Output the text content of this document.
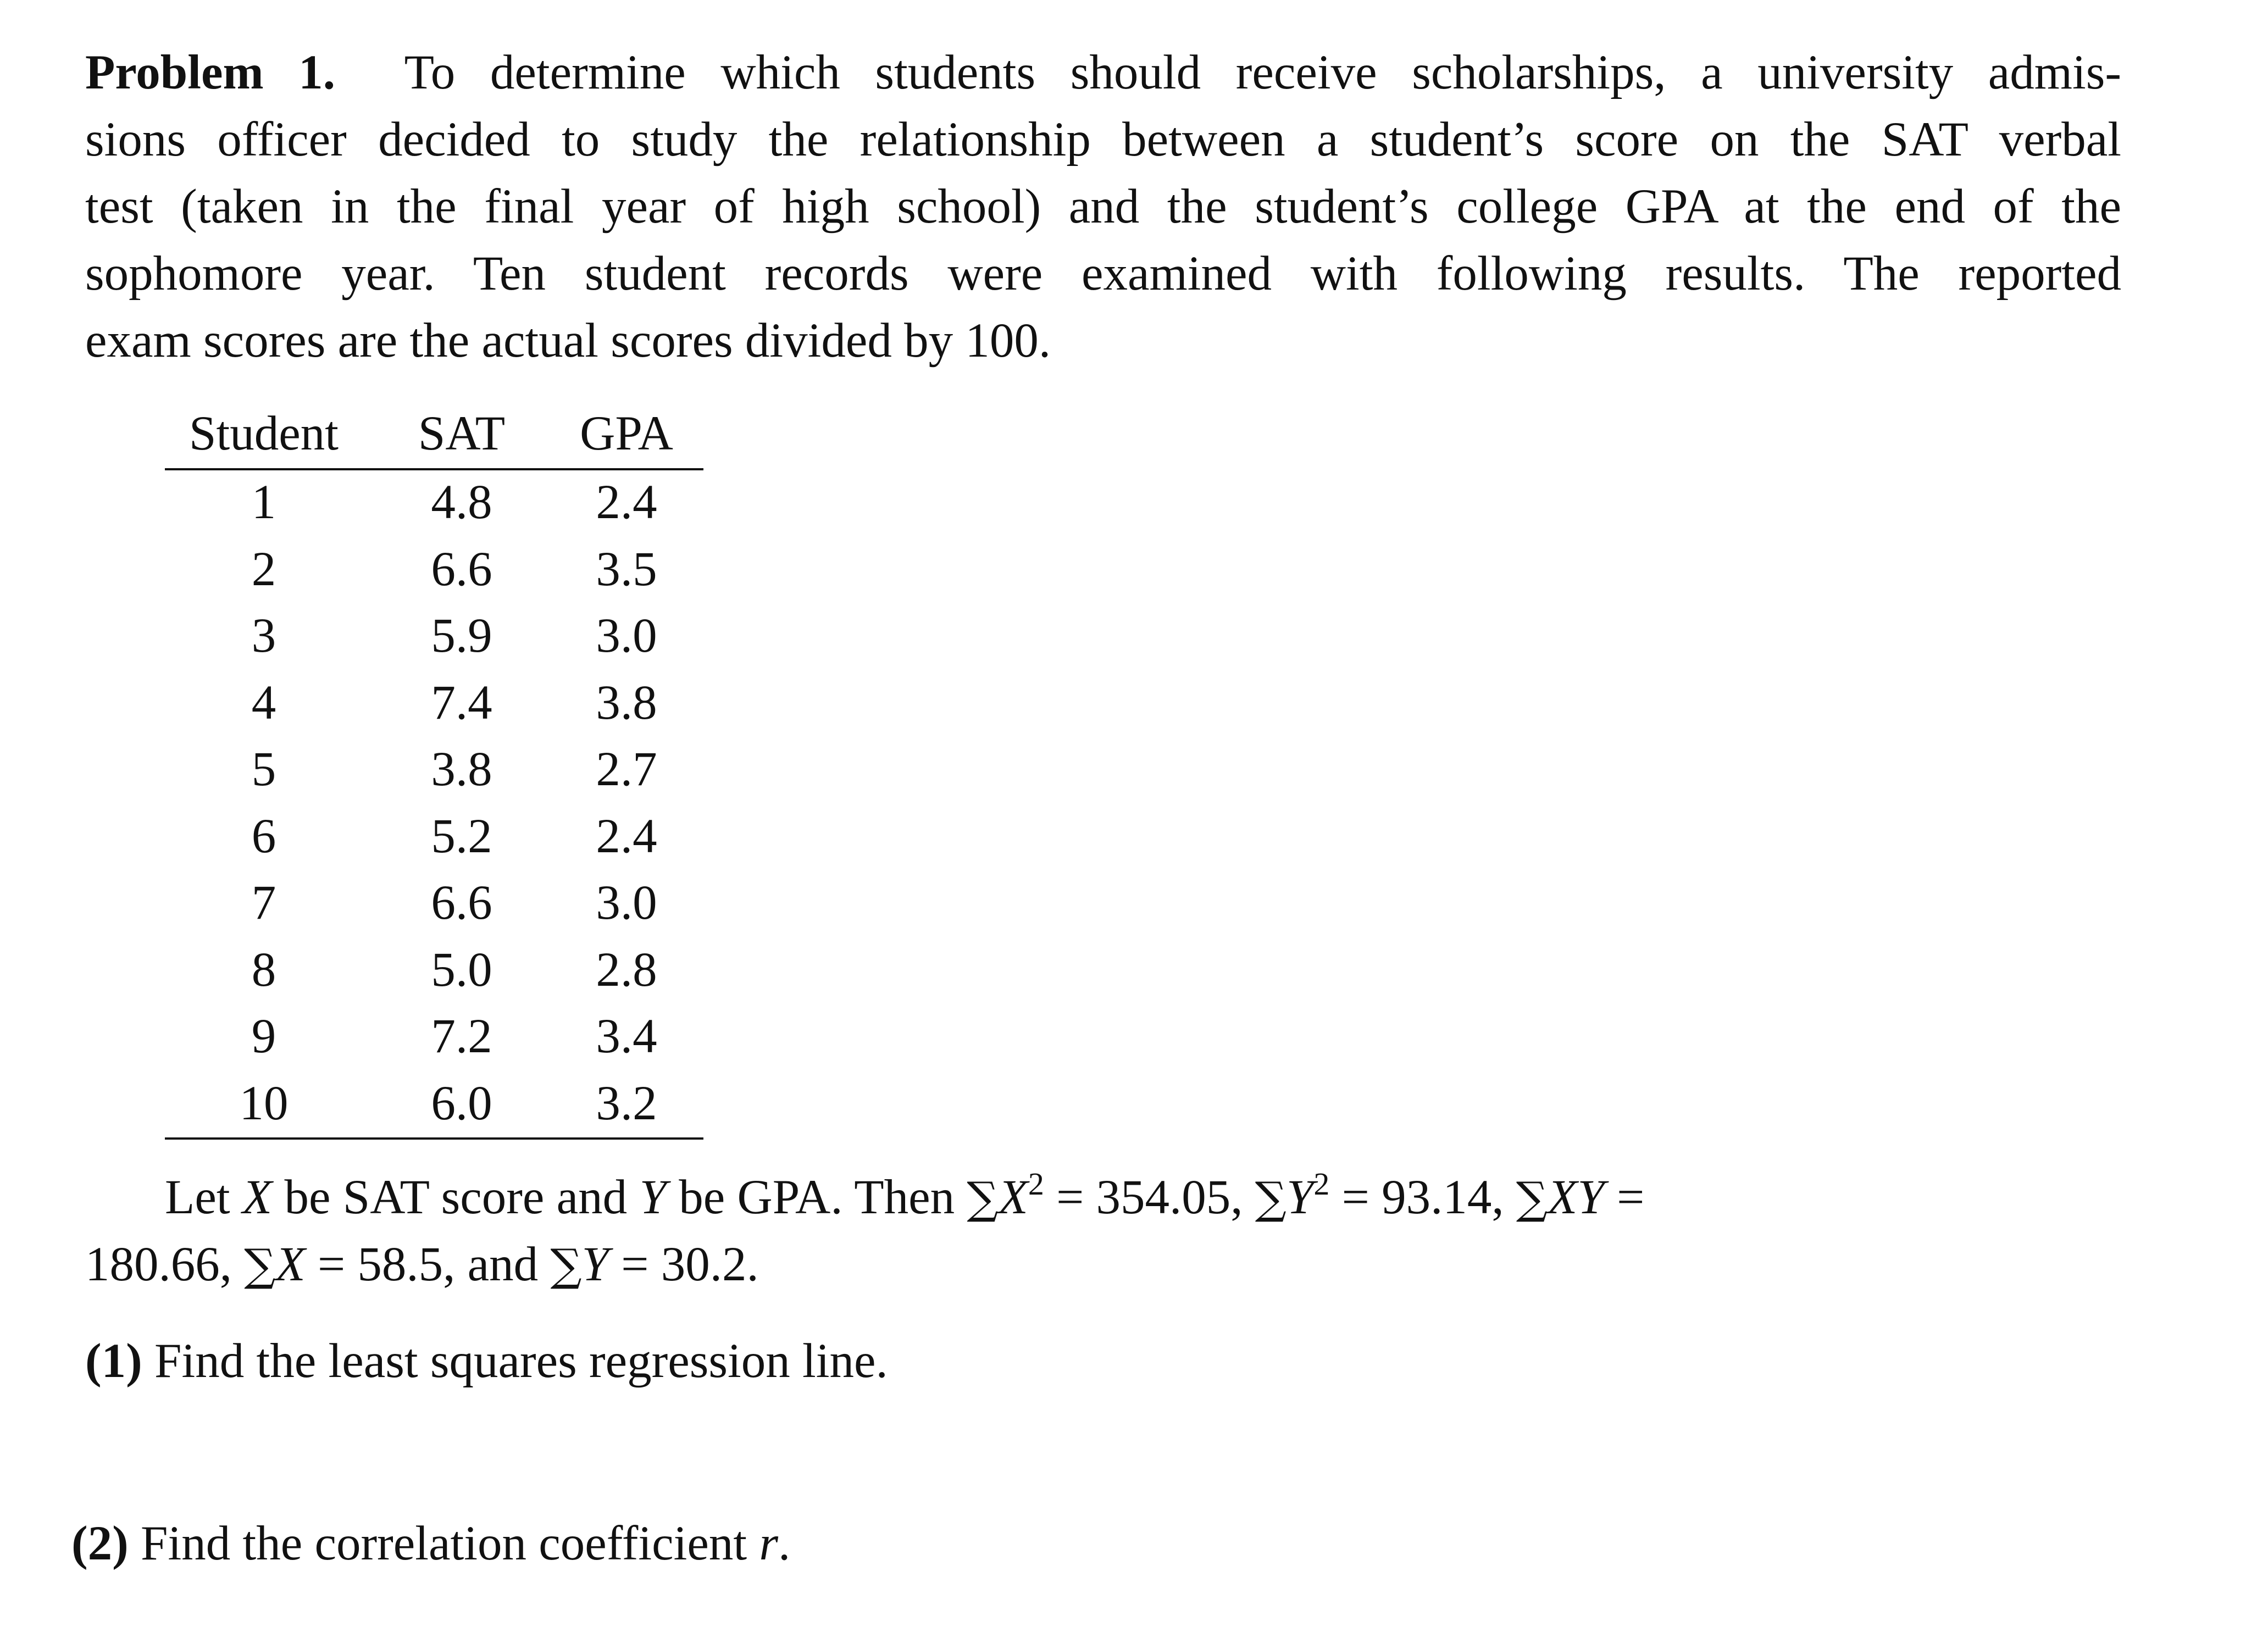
Problem 1. To determine which students should receive scholarships, a university admis-
sions officer decided to study the relationship between a student’s score on the SAT verbal
test (taken in the final year of high school) and the student’s college GPA at the end of the
sophomore year. Ten student records were examined with following results. The reported
exam scores are the actual scores divided by 100.
Student SAT GPA
1	4.8	2.4
2	6.6	3.5
3	5.9	3.0
4	7.4	3.8
5	3.8	2.7
6	5.2	2.4
7	6.6	3.0
8	5.0	2.8
9	7.2	3.4
10	6.0	3.2
Let X be SAT score and Y be GPA. Then $\sum X^2 = 354.05$, $\sum Y^2 = 93.14$, ∑XY =
180.66, ∑X = 58.5, and ∑Y = 30.2.
(1) Find the least squares regression line.
(2) Find the correlation coefficient r.
